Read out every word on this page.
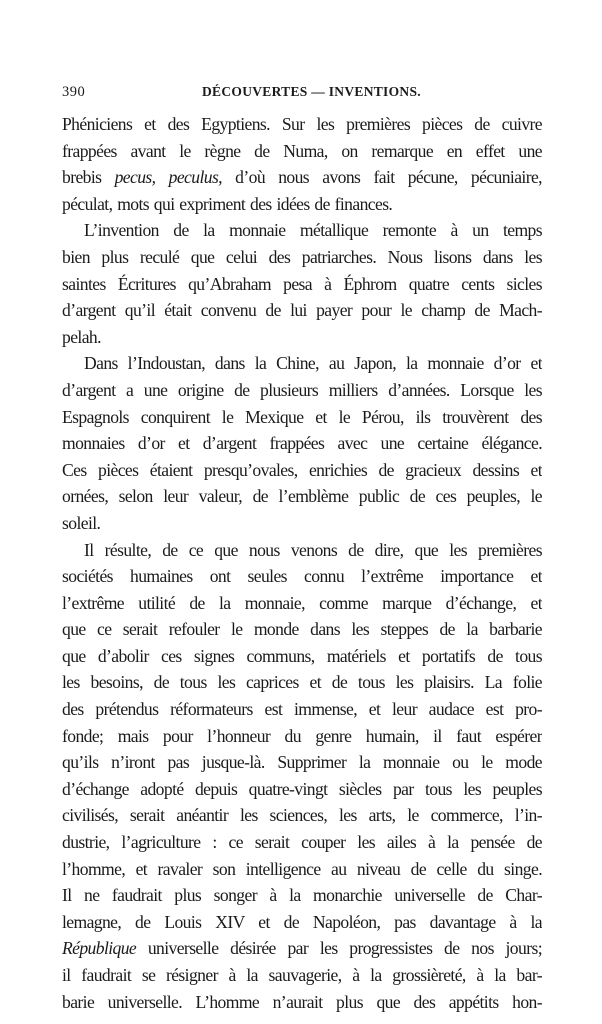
390	DÉCOUVERTES — INVENTIONS.
Phéniciens et des Egyptiens. Sur les premières pièces de cuivre
frappées avant le règne de Numa, on remarque en effet une
brebis pecus, peculus, d’où nous avons fait pécune, pécuniaire,
péculat, mots qui expriment des idées de finances.
L’invention de la monnaie métallique remonte à un temps
bien plus reculé que celui des patriarches. Nous lisons dans les
saintes Écritures qu’Abraham pesa à Éphrom quatre cents sicles
d’argent qu’il était convenu de lui payer pour le champ de Mach-
pelah.
Dans l’Indoustan, dans la Chine, au Japon, la monnaie d’or et
d’argent a une origine de plusieurs milliers d’années. Lorsque les
Espagnols conquirent le Mexique et le Pérou, ils trouvèrent des
monnaies d’or et d’argent frappées avec une certaine élégance.
Ces pièces étaient presqu’ovales, enrichies de gracieux dessins et
ornées, selon leur valeur, de l’emblème public de ces peuples, le
soleil.
Il résulte, de ce que nous venons de dire, que les premières
sociétés humaines ont seules connu l’extrême importance et
l’extrême utilité de la monnaie, comme marque d’échange, et
que ce serait refouler le monde dans les steppes de la barbarie
que d’abolir ces signes communs, matériels et portatifs de tous
les besoins, de tous les caprices et de tous les plaisirs. La folie
des prétendus réformateurs est immense, et leur audace est pro-
fonde; mais pour l’honneur du genre humain, il faut espérer
qu’ils n’iront pas jusque-là. Supprimer la monnaie ou le mode
d’échange adopté depuis quatre-vingt siècles par tous les peuples
civilisés, serait anéantir les sciences, les arts, le commerce, l’in-
dustrie, l’agriculture : ce serait couper les ailes à la pensée de
l’homme, et ravaler son intelligence au niveau de celle du singe.
Il ne faudrait plus songer à la monarchie universelle de Char-
lemagne, de Louis XIV et de Napoléon, pas davantage à la
République universelle désirée par les progressistes de nos jours;
il faudrait se résigner à la sauvagerie, à la grossièreté, à la bar-
barie universelle. L’homme n’aurait plus que des appétits hon-
